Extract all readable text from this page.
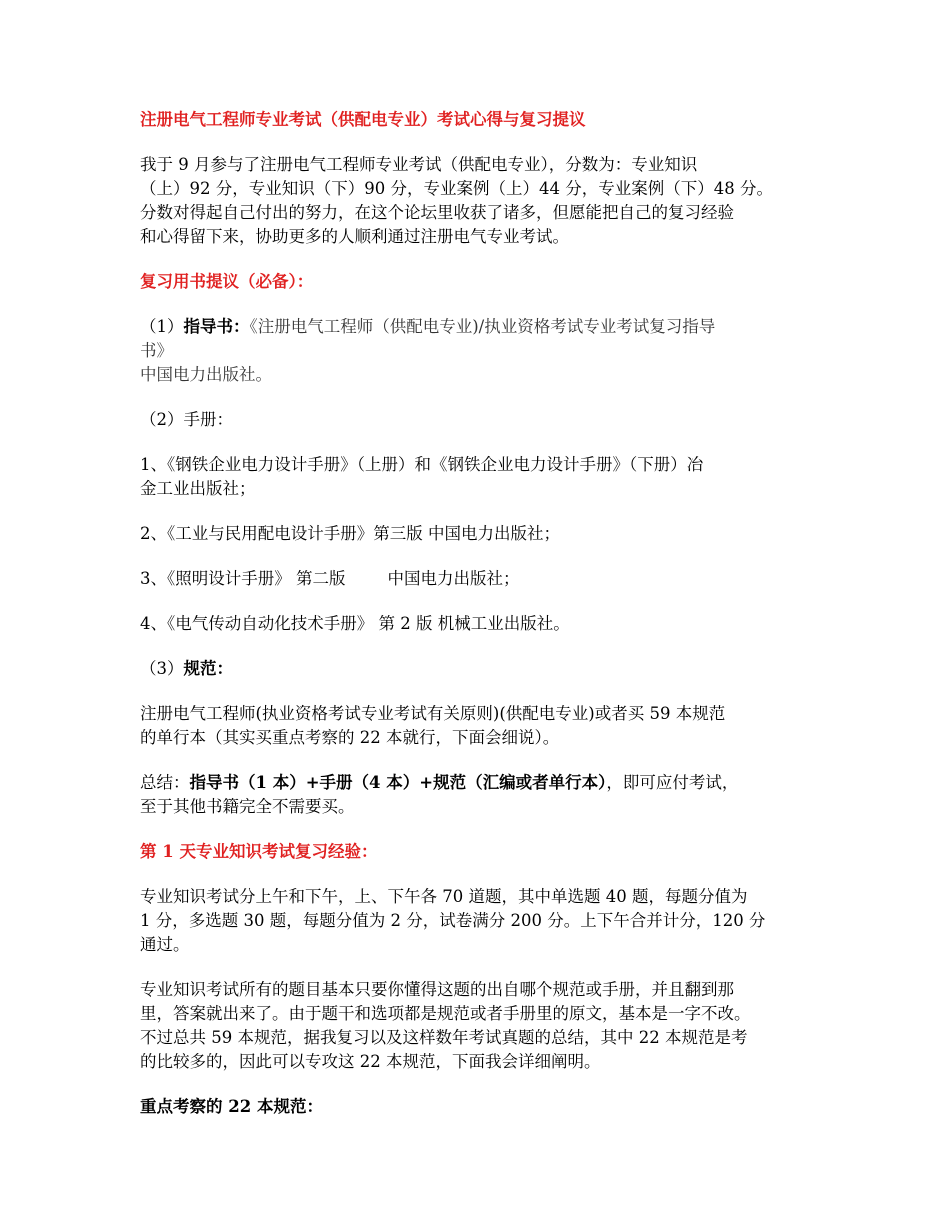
注册电气工程师专业考试（供配电专业）考试心得与复习提议
我于 9 月参与了注册电气工程师专业考试（供配电专业），分数为：专业知识
（上）92 分，专业知识（下）90 分，专业案例（上）44 分，专业案例（下）48 分。
分数对得起自己付出的努力，在这个论坛里收获了诸多，但愿能把自己的复习经验
和心得留下来，协助更多的人顺利通过注册电气专业考试。
复习用书提议（必备）：
（1）指导书：《注册电气工程师（供配电专业)/执业资格考试专业考试复习指导
书》
中国电力出版社。
（2）手册：
1、《钢铁企业电力设计手册》（上册）和《钢铁企业电力设计手册》（下册）冶
金工业出版社；
2、《工业与民用配电设计手册》第三版 中国电力出版社；
3、《照明设计手册》 第二版        中国电力出版社；
4、《电气传动自动化技术手册》 第 2 版 机械工业出版社。
（3）规范：
注册电气工程师(执业资格考试专业考试有关原则)(供配电专业)或者买 59 本规范
的单行本（其实买重点考察的 22 本就行，下面会细说）。
总结：指导书（1 本）+手册（4 本）+规范（汇编或者单行本），即可应付考试，
至于其他书籍完全不需要买。
第 1 天专业知识考试复习经验：
专业知识考试分上午和下午，上、下午各 70 道题，其中单选题 40 题，每题分值为
1 分，多选题 30 题，每题分值为 2 分，试卷满分 200 分。上下午合并计分，120 分
通过。
专业知识考试所有的题目基本只要你懂得这题的出自哪个规范或手册，并且翻到那
里，答案就出来了。由于题干和选项都是规范或者手册里的原文，基本是一字不改。
不过总共 59 本规范，据我复习以及这样数年考试真题的总结，其中 22 本规范是考
的比较多的，因此可以专攻这 22 本规范，下面我会详细阐明。
重点考察的 22 本规范：
